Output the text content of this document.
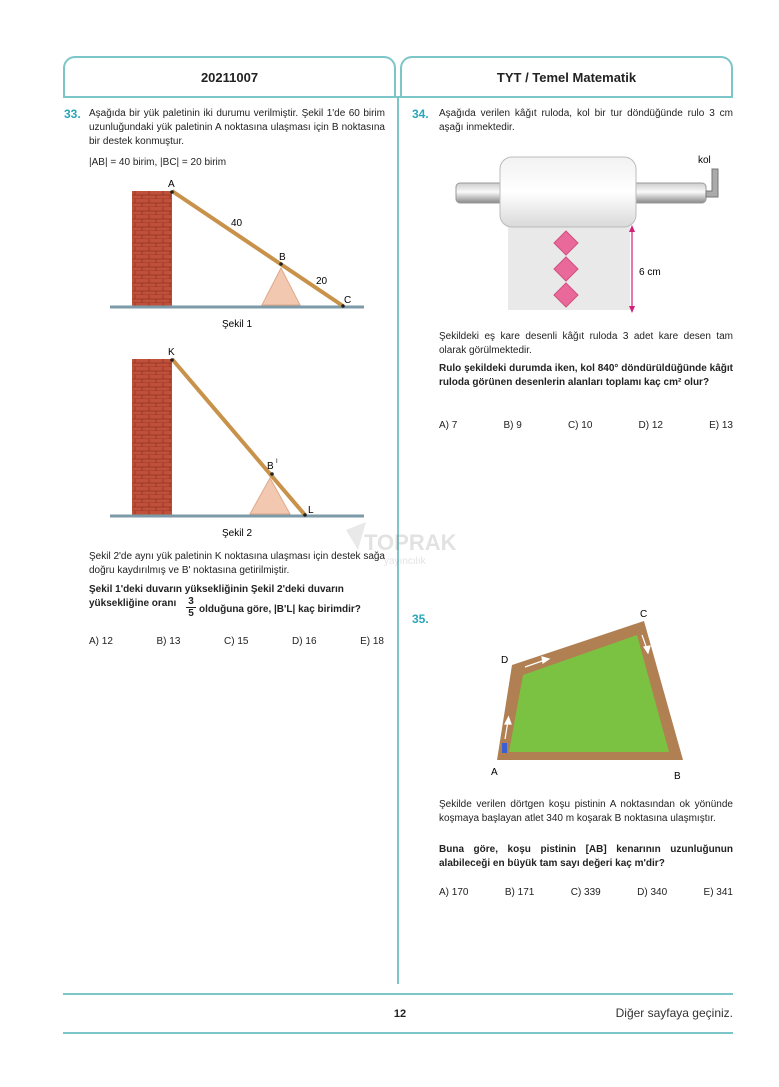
20211007	TYT / Temel Matematik
TOPRAK
yayıncılık
33. Aşağıda bir yük paletinin iki durumu verilmiştir. Şekil 1'de 60 birim uzunluğundaki yük paletinin A noktasına ulaşması için B noktasına bir destek konmuştur.
|AB| = 40 birim, |BC| = 20 birim
A
B
C
40
20
Şekil 1
K
B I
L
Şekil 2
Şekil 2'de aynı yük paletinin K noktasına ulaşması için destek sağa doğru kaydırılmış ve B' noktasına getirilmiştir.
Şekil 1'deki duvarın yüksekliğinin Şekil 2'deki duvarın yüksekliğine oranı $\frac{3}{5}$ olduğuna göre, |B'L| kaç birimdir?
A) 12	B) 13	C) 15	D) 16	E) 18
34. Aşağıda verilen kâğıt ruloda, kol bir tur döndüğünde rulo 3 cm aşağı inmektedir.
6 cm
kol
Şekildeki eş kare desenli kâğıt ruloda 3 adet kare desen tam olarak görülmektedir.
Rulo şekildeki durumda iken, kol 840° döndürüldüğünde kâğıt ruloda görünen desenlerin alanları toplamı kaç cm² olur?
A) 7	B) 9	C) 10	D) 12	E) 13
35.
A	B
C
D
Şekilde verilen dörtgen koşu pistinin A noktasından ok yönünde koşmaya başlayan atlet 340 m koşarak B noktasına ulaşmıştır.
Buna göre, koşu pistinin [AB] kenarının uzunluğunun alabileceği en büyük tam sayı değeri kaç m'dir?
A) 170	B) 171	C) 339	D) 340	E) 341
12	Diğer sayfaya geçiniz.
